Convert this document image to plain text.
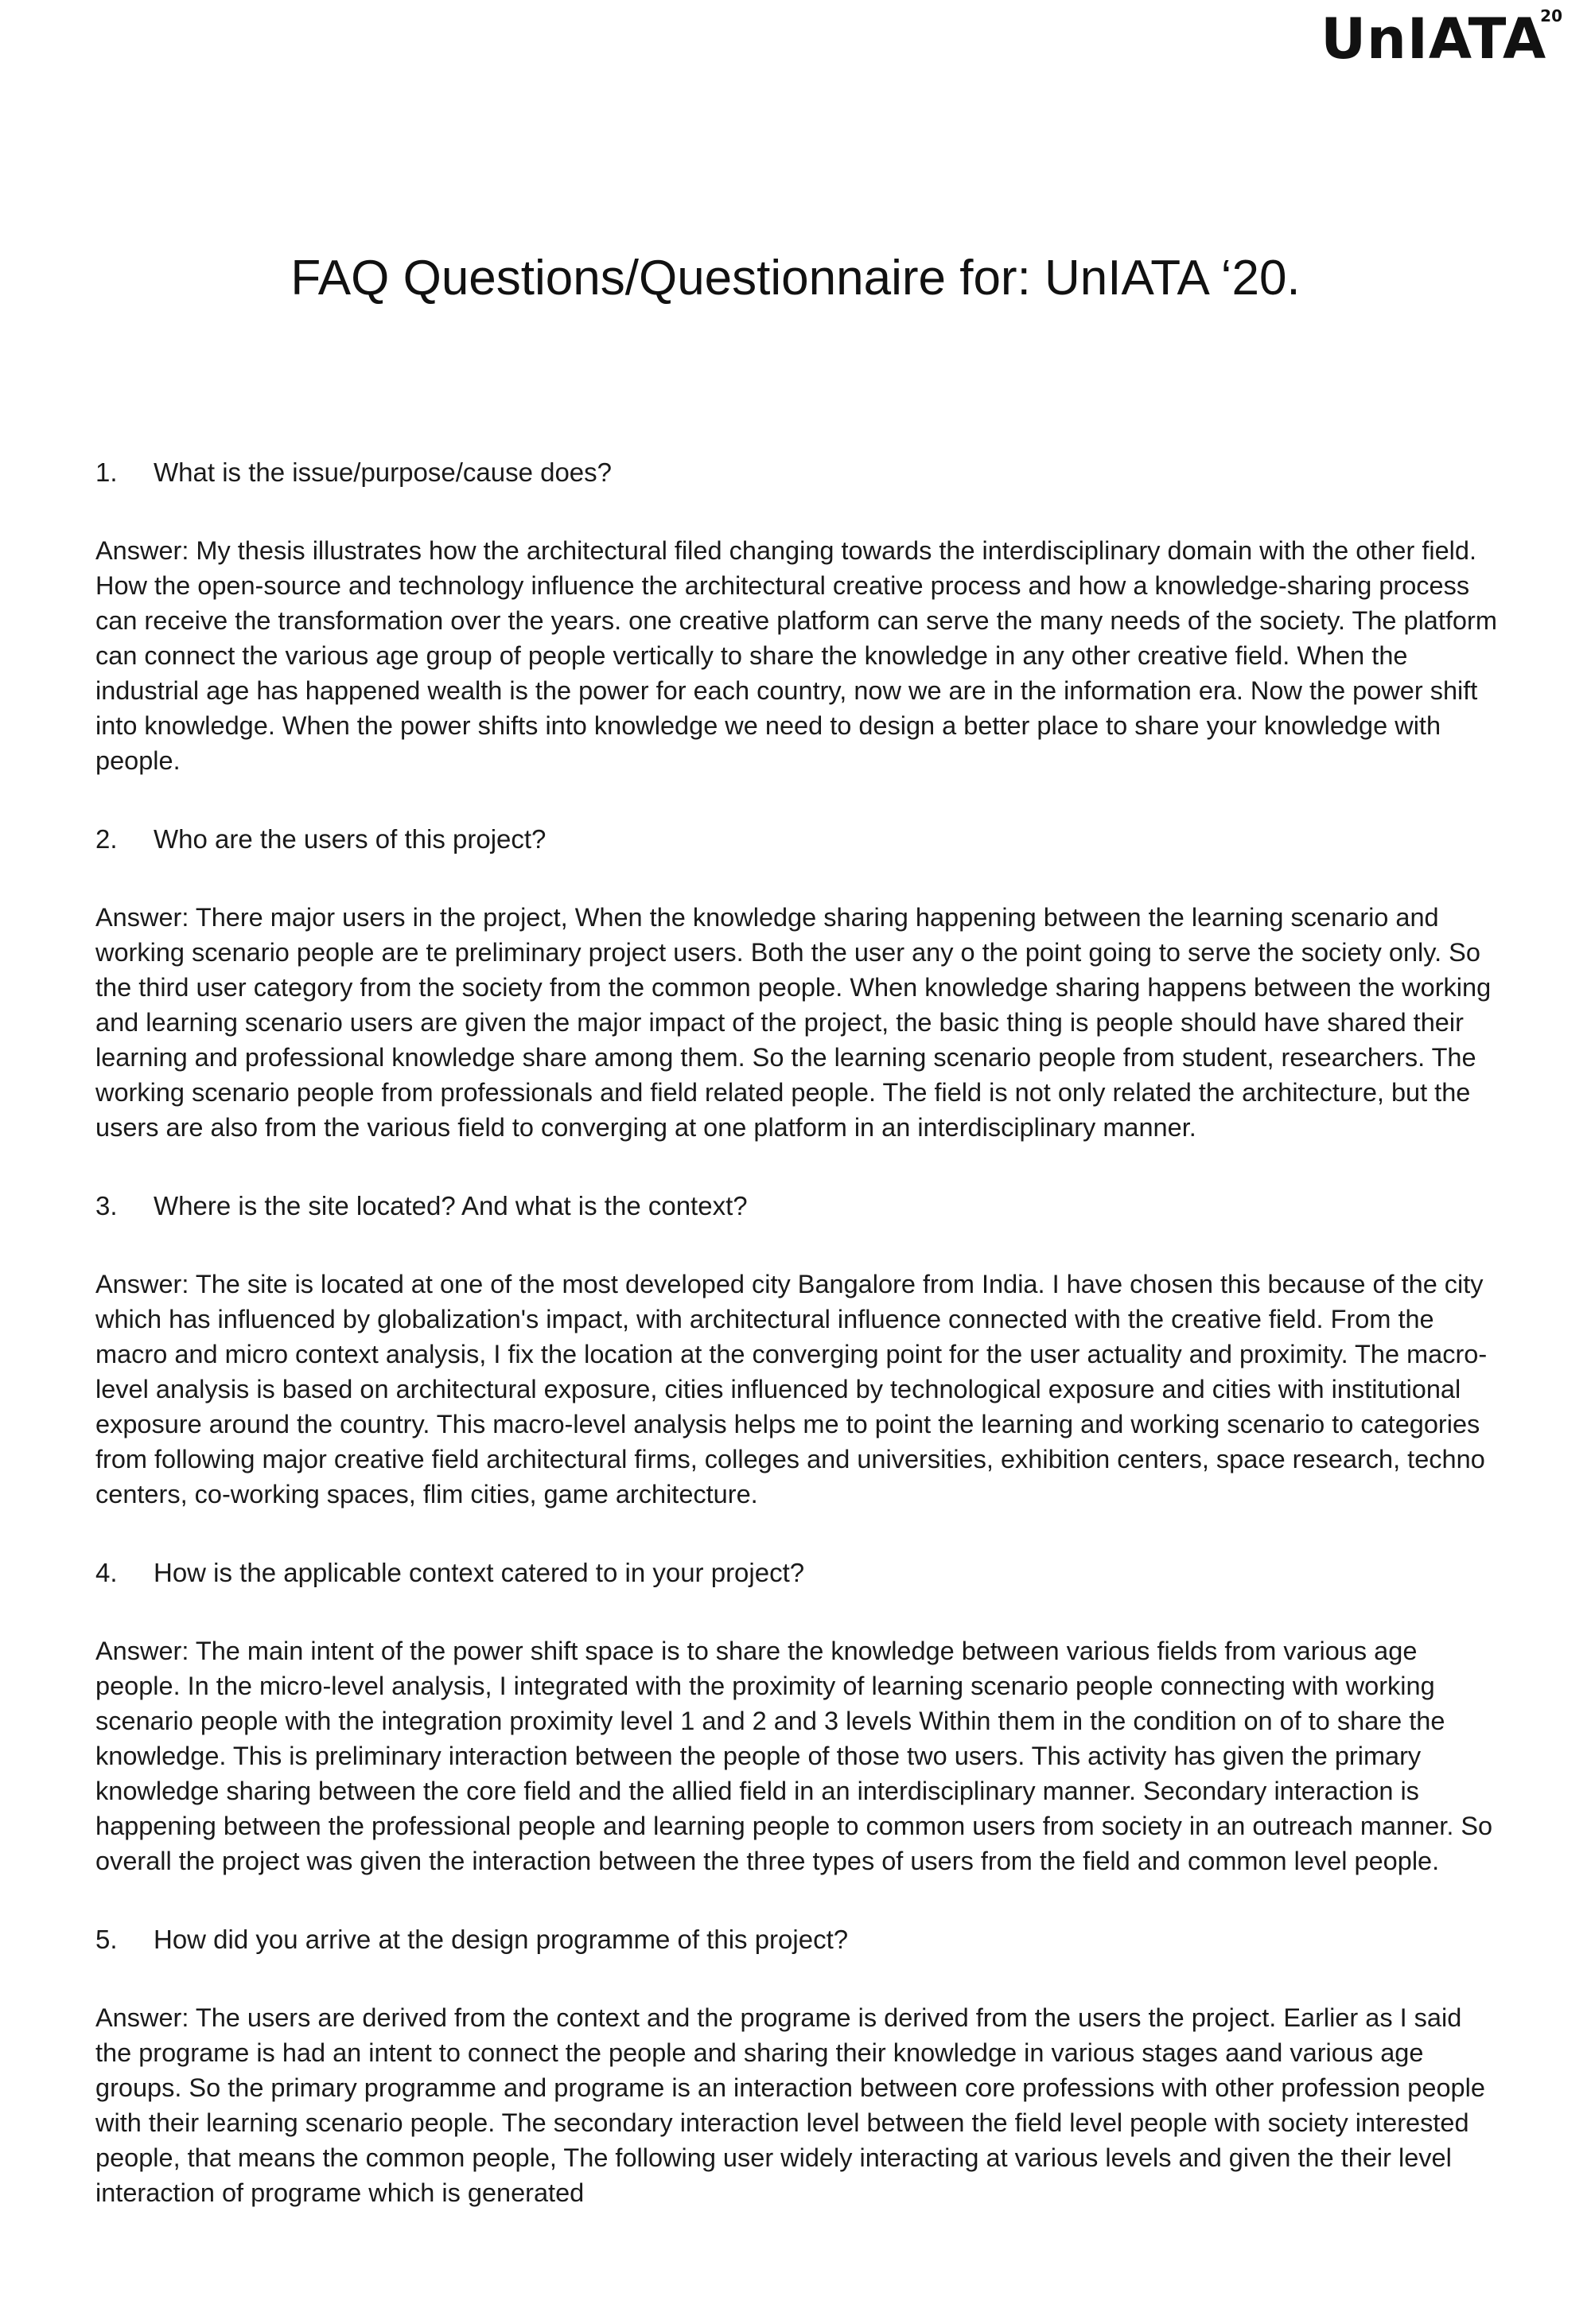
UnIATA
20
FAQ Questions/Questionnaire for: UnIATA ‘20.
1.	What is the issue/purpose/cause does?

Answer: My thesis illustrates how the architectural filed changing towards the interdisciplinary domain with the other field. How the open-source and technology influence the architectural creative process and how a knowledge-sharing process can receive the transformation over the years. one creative platform can serve the many needs of the society. The platform can connect the various age group of people vertically to share the knowledge in any other creative field. When the industrial age has happened wealth is the power for each country, now we are in the information era. Now the power shift into knowledge. When the power shifts into knowledge we need to design a better place to share your knowledge with people.

2.	Who are the users of this project?

Answer: There major users in the project, When the knowledge sharing happening between the learning scenario and working scenario people are te preliminary project users. Both the user any o the point going to serve the society only. So the third user category from the society from the common people. When knowledge sharing happens between the working and learning scenario users are given the major impact of the project, the basic thing is people should have shared their learning and professional knowledge share among them. So the learning scenario people from student, researchers. The working scenario people from professionals and field related people. The field is not only related the architecture, but the users are also from the various field to converging at one platform in an interdisciplinary manner.

3.	Where is the site located? And what is the context?

Answer: The site is located at one of the most developed city Bangalore from India. I have chosen this because of the city which has influenced by globalization's impact, with architectural influence connected with the creative field. From the macro and micro context analysis, I fix the location at the converging point for the user actuality and proximity. The macro-level analysis is based on architectural exposure, cities influenced by technological exposure and cities with institutional exposure around the country. This macro-level analysis helps me to point the learning and working scenario to categories from following major creative field architectural firms, colleges and universities, exhibition centers, space research, techno centers, co-working spaces, flim cities, game architecture.

4.	How is the applicable context catered to in your project?

Answer: The main intent of the power shift space is to share the knowledge between various fields from various age people. In the micro-level analysis, I integrated with the proximity of learning scenario people connecting with working scenario people with the integration proximity level 1 and 2 and 3 levels Within them in the condition on of to share the knowledge. This is preliminary interaction between the people of those two users. This activity has given the primary knowledge sharing between the core field and the allied field in an interdisciplinary manner. Secondary interaction is happening between the professional people and learning people to common users from society in an outreach manner. So overall the project was given the interaction between the three types of users from the field and common level people.

5.	How did you arrive at the design programme of this project?

Answer: The users are derived from the context and the programe is derived from the users the project. Earlier as I said the programe is had an intent to connect the people and sharing their knowledge in various stages aand various age groups. So the primary programme and programe is an interaction between core professions with other profession people with their learning scenario people. The secondary interaction level between the field level people with society interested people, that means the common people, The following user widely interacting at various levels and given the their level interaction of programe which is generated
